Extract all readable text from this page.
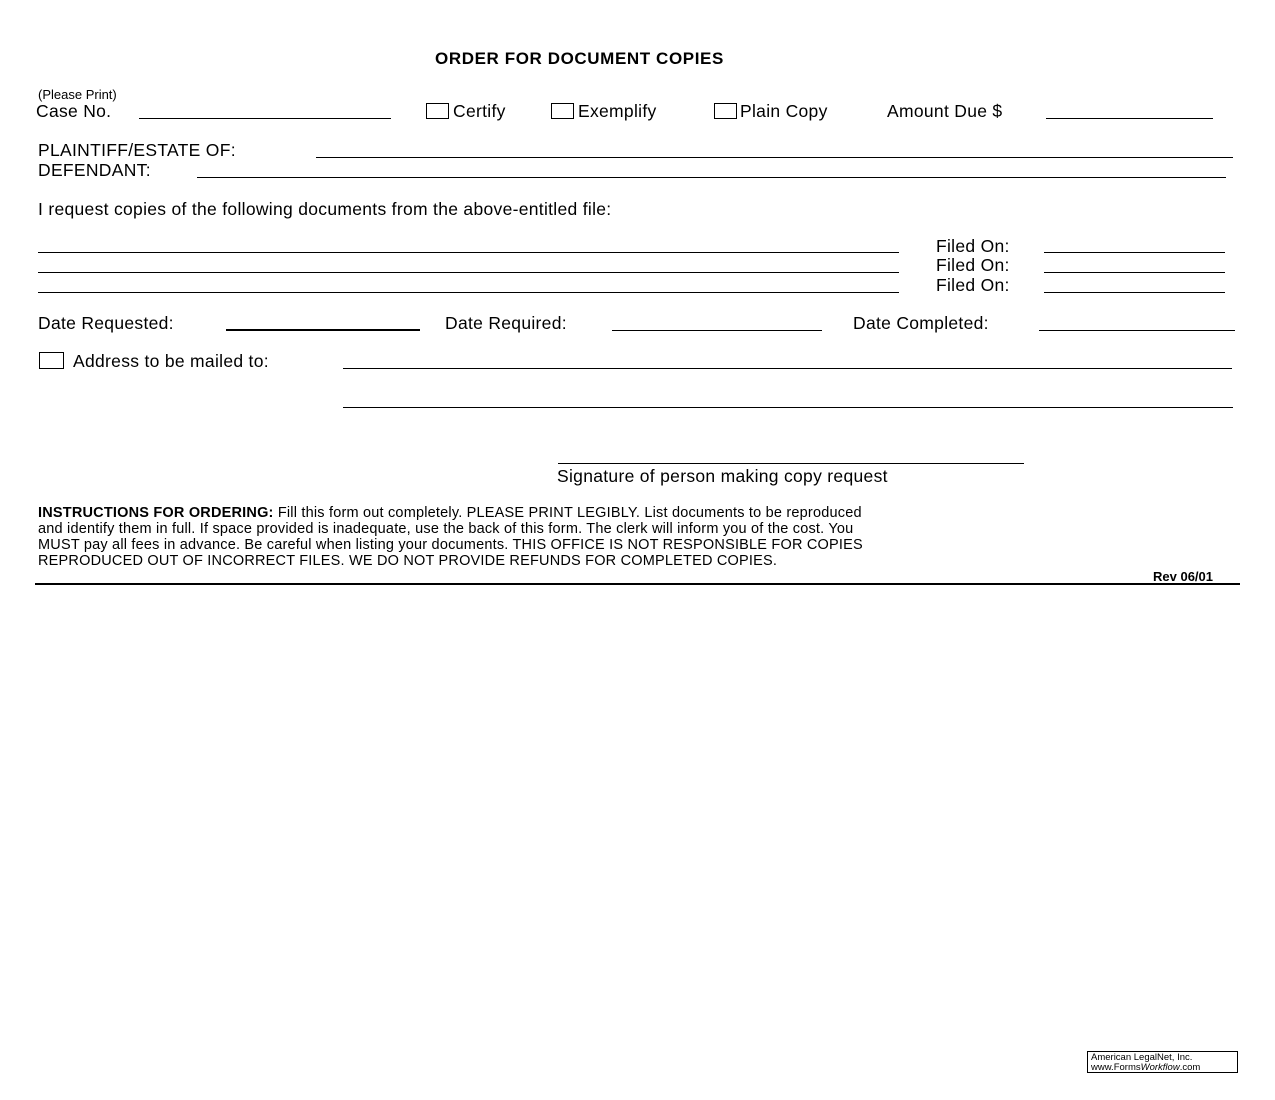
ORDER FOR DOCUMENT COPIES
(Please Print)
Case No.	Certify	Exemplify	Plain Copy	Amount Due $
PLAINTIFF/ESTATE OF:
DEFENDANT:
I request copies of the following documents from the above-entitled file:
Filed On:
Filed On:
Filed On:
Date Requested:	Date Required:	Date Completed:
Address to be mailed to:
Signature of person making copy request
INSTRUCTIONS FOR ORDERING: Fill this form out completely. PLEASE PRINT LEGIBLY. List documents to be reproduced
and identify them in full. If space provided is inadequate, use the back of this form. The clerk will inform you of the cost. You
MUST pay all fees in advance. Be careful when listing your documents. THIS OFFICE IS NOT RESPONSIBLE FOR COPIES
REPRODUCED OUT OF INCORRECT FILES. WE DO NOT PROVIDE REFUNDS FOR COMPLETED COPIES.
Rev 06/01
American LegalNet, Inc.
www.FormsWorkflow.com
